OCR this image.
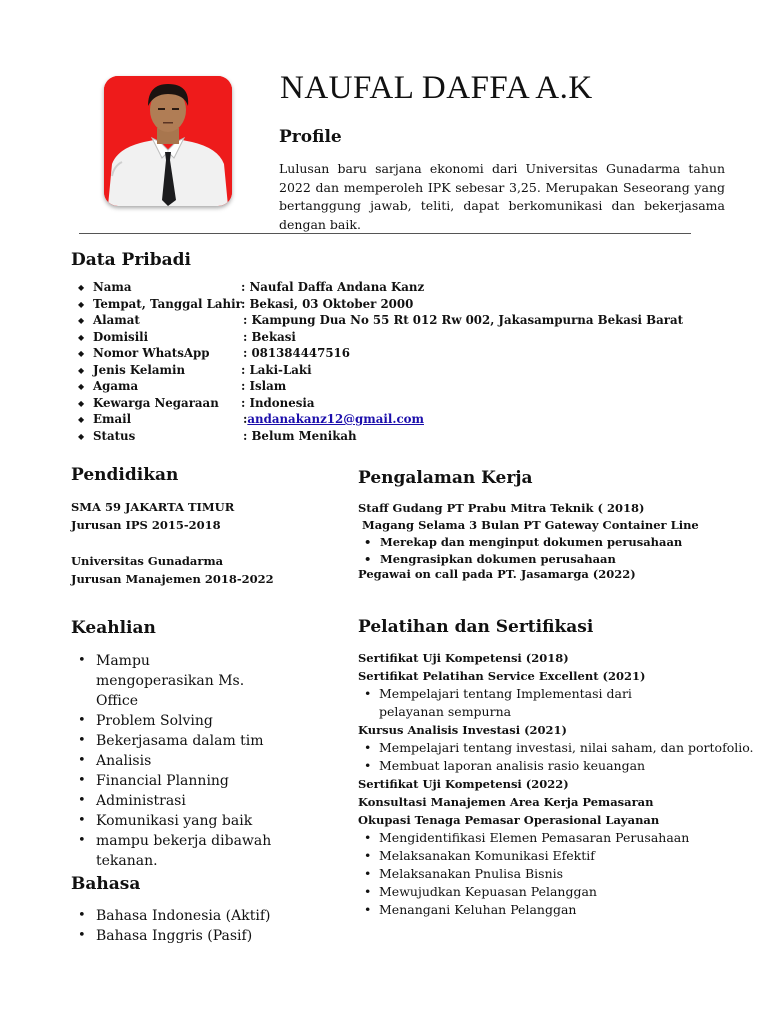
NAUFAL DAFFA A.K
Profile
Lulusan baru sarjana ekonomi dari Universitas Gunadarma tahun 2022 dan memperoleh IPK sebesar 3,25. Merupakan Seseorang yang bertanggung jawab, teliti, dapat berkomunikasi dan bekerjasama dengan baik.
Data Pribadi
◆ Nama	: Naufal Daffa Andana Kanz
◆ Tempat, Tanggal Lahir : Bekasi, 03 Oktober 2000
◆ Alamat	: Kampung Dua No 55 Rt 012 Rw 002, Jakasampurna Bekasi Barat
◆ Domisili	: Bekasi
◆ Nomor WhatsApp	: 081384447516
◆ Jenis Kelamin	: Laki-Laki
◆ Agama	: Islam
◆ Kewarga Negaraan : Indonesia
◆ Email	:andanakanz12@gmail.com
◆ Status	: Belum Menikah
Pendidikan
SMA 59 JAKARTA TIMUR
Jurusan IPS 2015-2018
Universitas Gunadarma
Jurusan Manajemen 2018-2022
Pengalaman Kerja
Staff Gudang PT Prabu Mitra Teknik ( 2018)
Magang Selama 3 Bulan PT Gateway Container Line
• Merekap dan menginput dokumen perusahaan
• Mengrasipkan dokumen perusahaan
Pegawai on call pada PT. Jasamarga (2022)
Keahlian
• Mampu mengoperasikan Ms. Office
• Problem Solving
• Bekerjasama dalam tim
• Analisis
• Financial Planning
• Administrasi
• Komunikasi yang baik
• mampu bekerja dibawah tekanan.
Bahasa
• Bahasa Indonesia (Aktif)
• Bahasa Inggris (Pasif)
Pelatihan dan Sertifikasi
Sertifikat Uji Kompetensi (2018)
Sertifikat Pelatihan Service Excellent (2021)
• Mempelajari tentang Implementasi dari pelayanan sempurna
Kursus Analisis Investasi (2021)
• Mempelajari tentang investasi, nilai saham, dan portofolio.
• Membuat laporan analisis rasio keuangan
Sertifikat Uji Kompetensi (2022)
Konsultasi Manajemen Area Kerja Pemasaran
Okupasi Tenaga Pemasar Operasional Layanan
• Mengidentifikasi Elemen Pemasaran Perusahaan
• Melaksanakan Komunikasi Efektif
• Melaksanakan Pnulisa Bisnis
• Mewujudkan Kepuasan Pelanggan
• Menangani Keluhan Pelanggan
